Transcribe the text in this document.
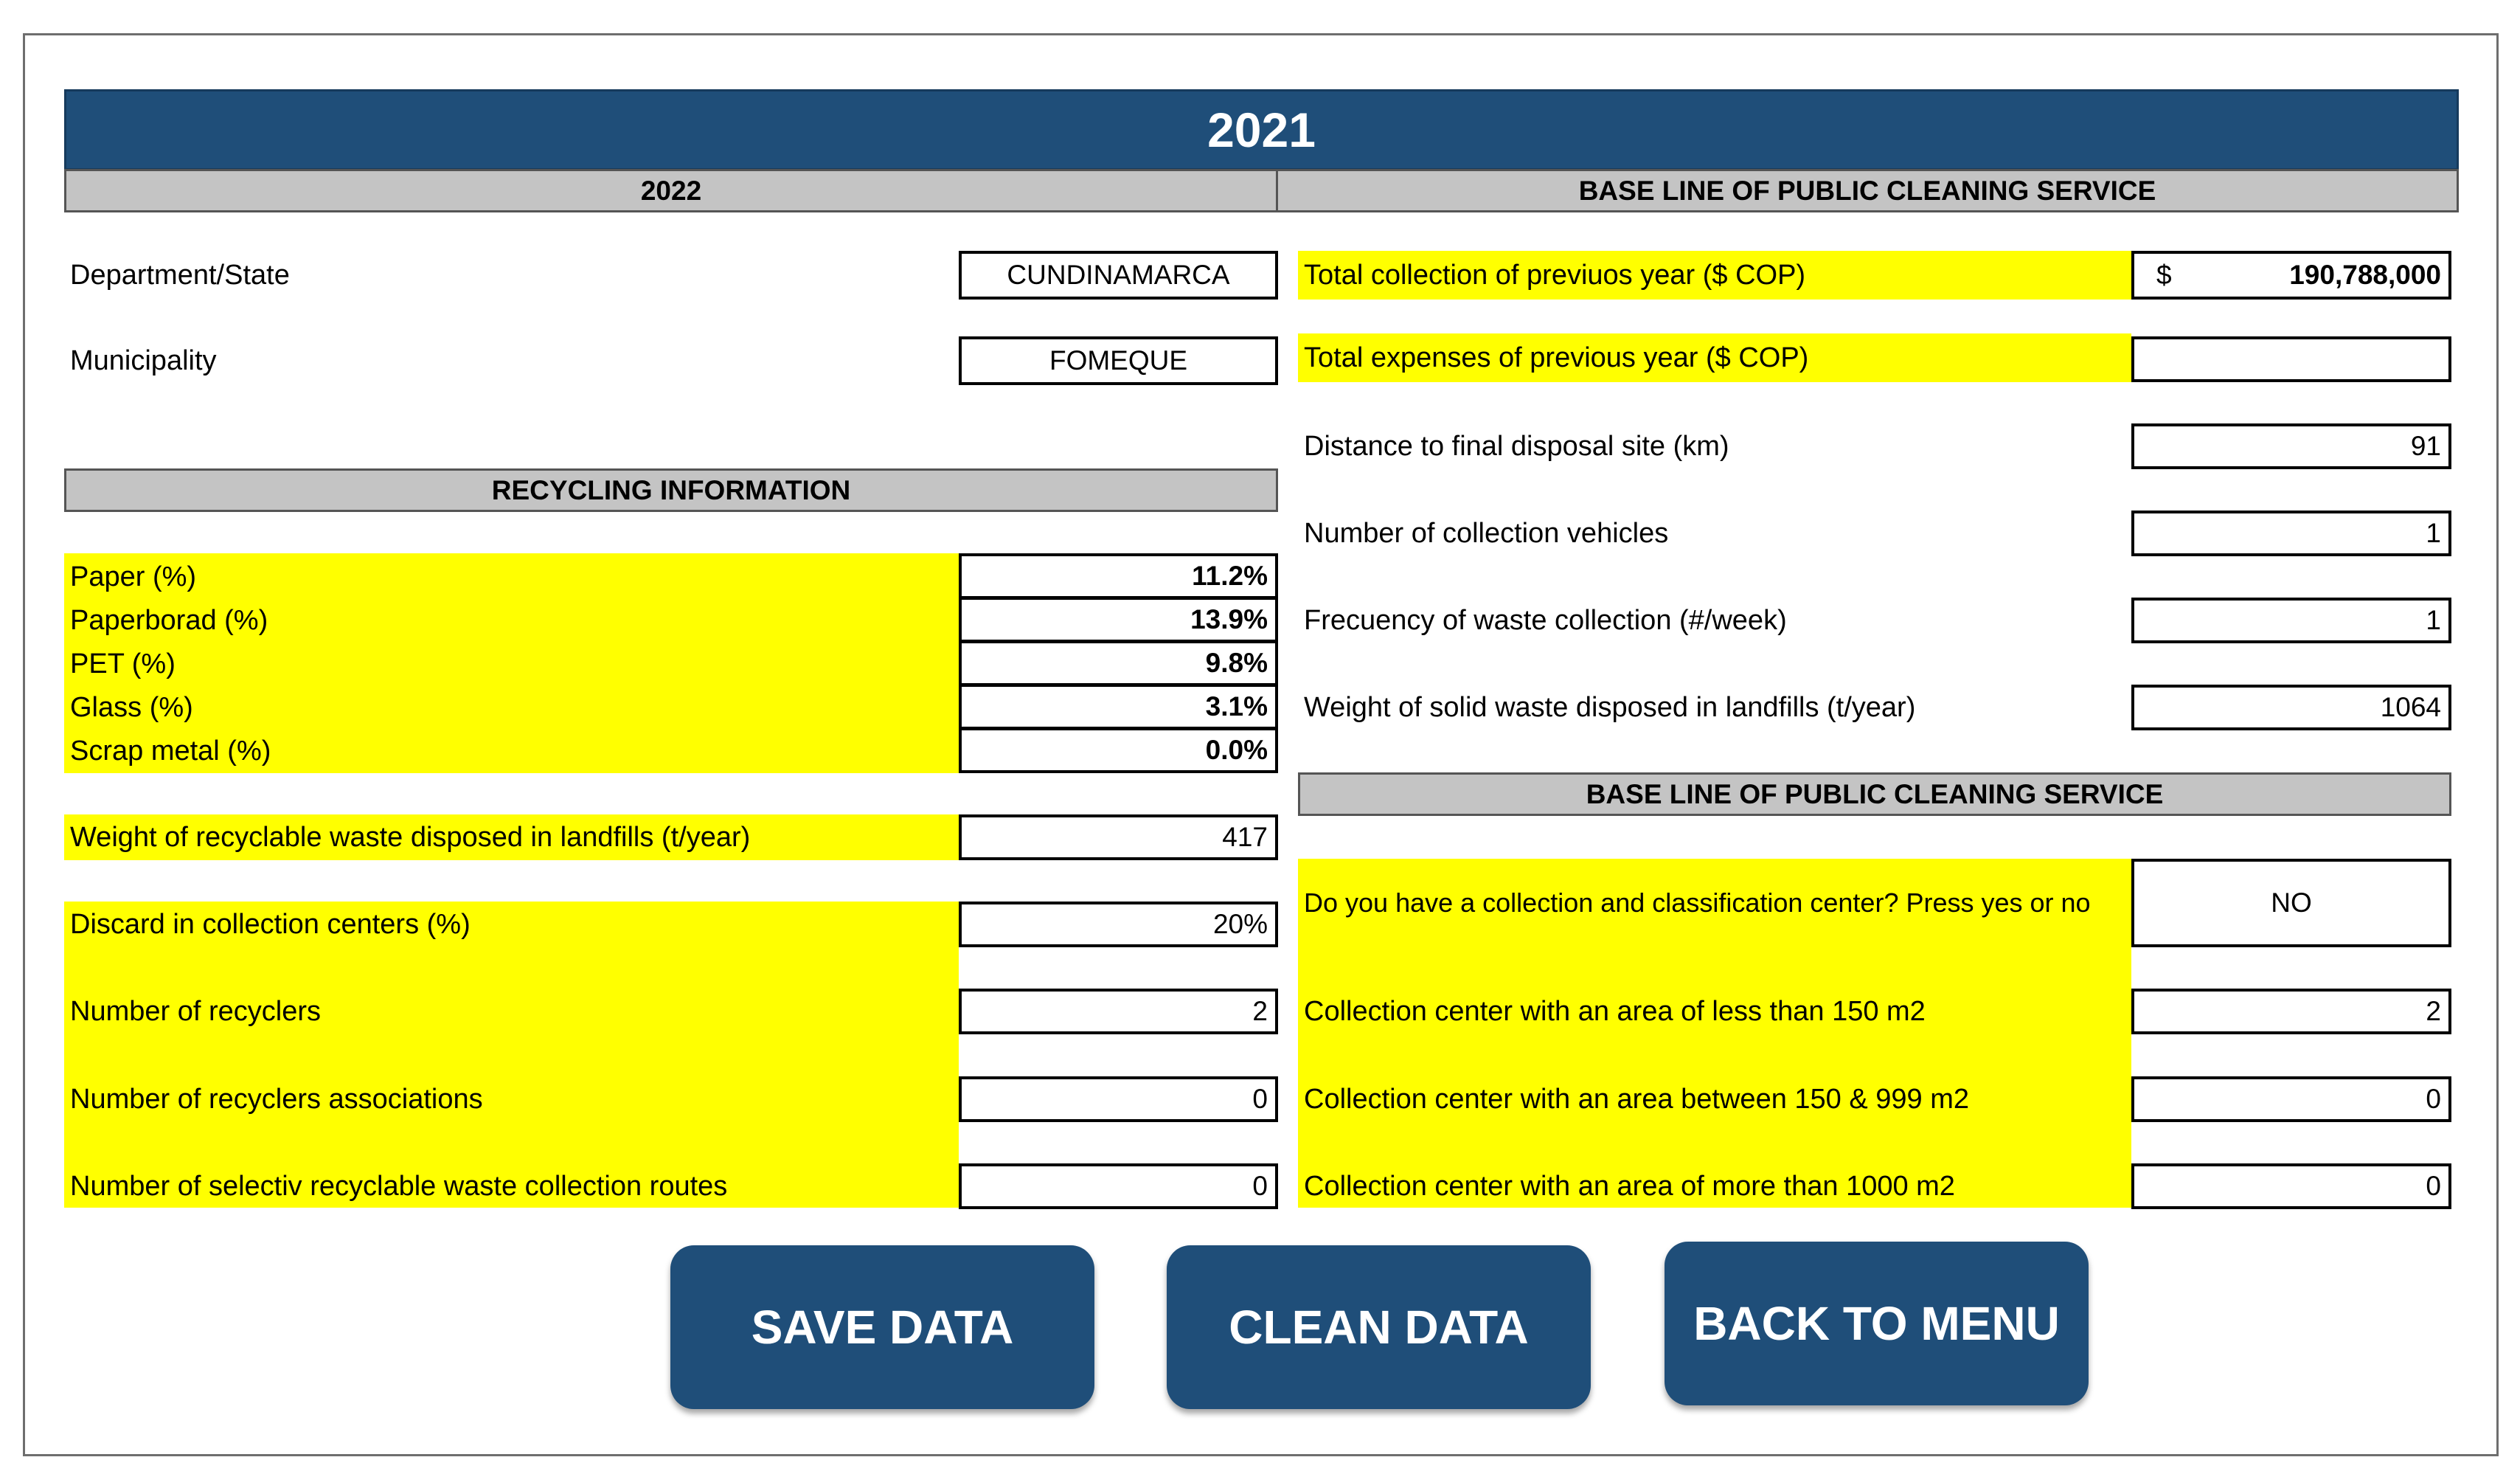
2021
2022	BASE LINE OF PUBLIC CLEANING SERVICE
Department/State	CUNDINAMARCA
Municipality	FOMEQUE
RECYCLING INFORMATION
Paper (%)	11.2%
Paperborad (%)	13.9%
PET (%)	9.8%
Glass (%)	3.1%
Scrap metal (%)	0.0%
Weight of recyclable waste disposed in landfills (t/year)	417
Discard in collection centers (%)	20%
Number of recyclers	2
Number of recyclers associations	0
Number of selectiv recyclable waste collection routes	0
Total collection of previuos year ($ COP)	$	190,788,000
Total expenses of previous year ($ COP)
Distance to final disposal site (km)	91
Number of collection vehicles	1
Frecuency of waste collection (#/week)	1
Weight of solid waste disposed in landfills (t/year)	1064
BASE LINE OF PUBLIC CLEANING SERVICE
Do you have a collection and classification center? Press yes or no	NO
Collection center with an area of less than 150 m2	2
Collection center with an area between 150 & 999 m2	0
Collection center with an area of more than 1000 m2	0
SAVE DATA	CLEAN DATA	BACK TO MENU
